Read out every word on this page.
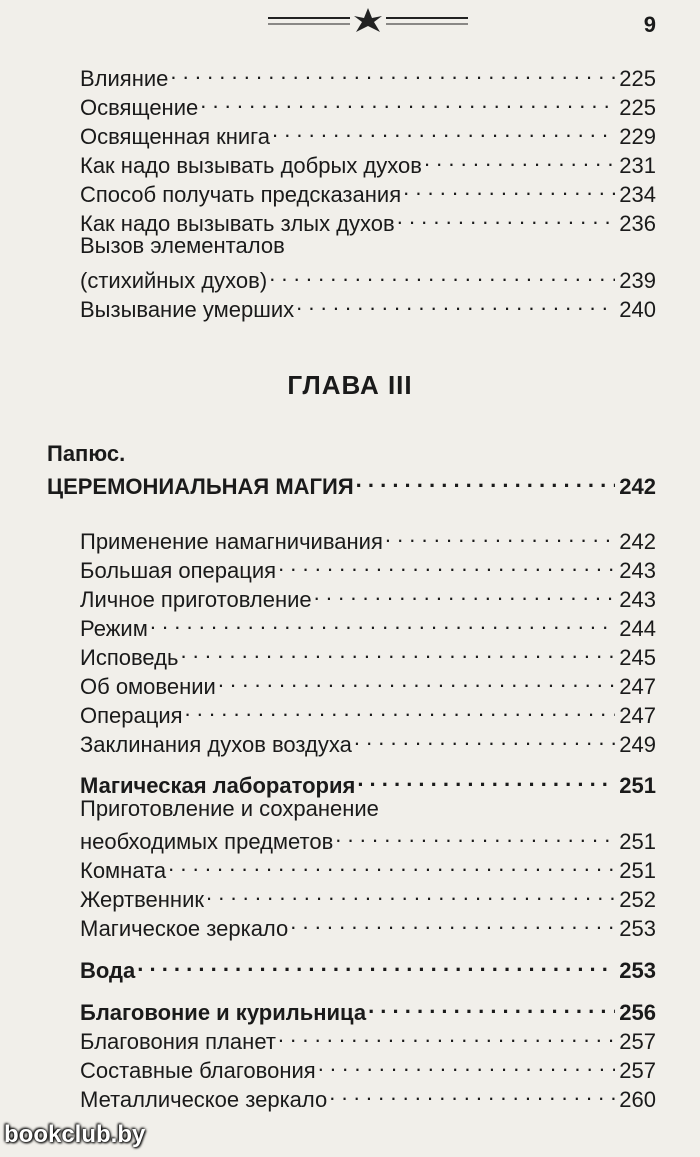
9
Влияние . . .	225
Освящение . . .	225
Освященная книга . . .	229
Как надо вызывать добрых духов . . .	231
Способ получать предсказания . . .	234
Как надо вызывать злых духов . . .	236
Вызов элементалов
(стихийных духов) . . .	239
Вызывание умерших . . .	240
ГЛАВА III
Папюс.
ЦЕРЕМОНИАЛЬНАЯ МАГИЯ . . .	242
Применение намагничивания . . .	242
Большая операция . . .	243
Личное приготовление . . .	243
Режим . . .	244
Исповедь . . .	245
Об омовении . . .	247
Операция . . .	247
Заклинания духов воздуха . . .	249
Магическая лаборатория . . .	251
Приготовление и сохранение
необходимых предметов . . .	251
Комната . . .	251
Жертвенник . . .	252
Магическое зеркало . . .	253
Вода . . .	253
Благовоние и курильница . . .	256
Благовония планет . . .	257
Составные благовония . . .	257
Металлическое зеркало . . .	260
bookclub.by
